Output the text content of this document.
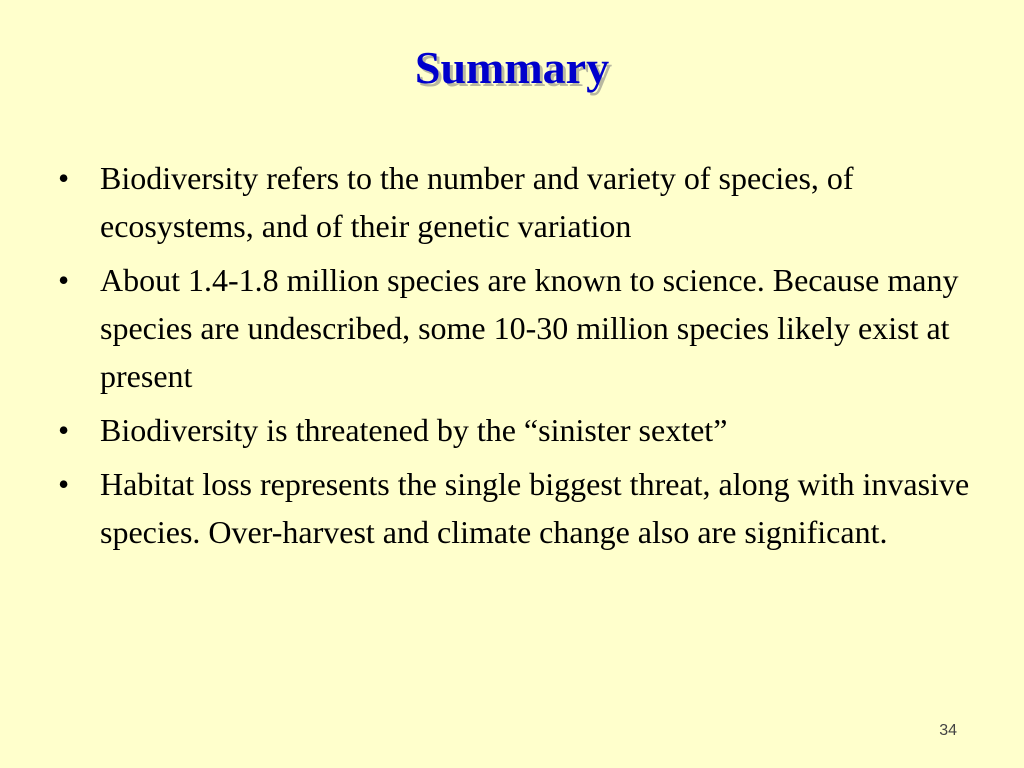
Summary
• Biodiversity refers to the number and variety of species, of ecosystems, and of their genetic variation
• About 1.4-1.8 million species are known to science. Because many species are undescribed, some 10-30 million species likely exist at present
• Biodiversity is threatened by the “sinister sextet”
• Habitat loss represents the single biggest threat, along with invasive species. Over-harvest and climate change also are significant.
34
